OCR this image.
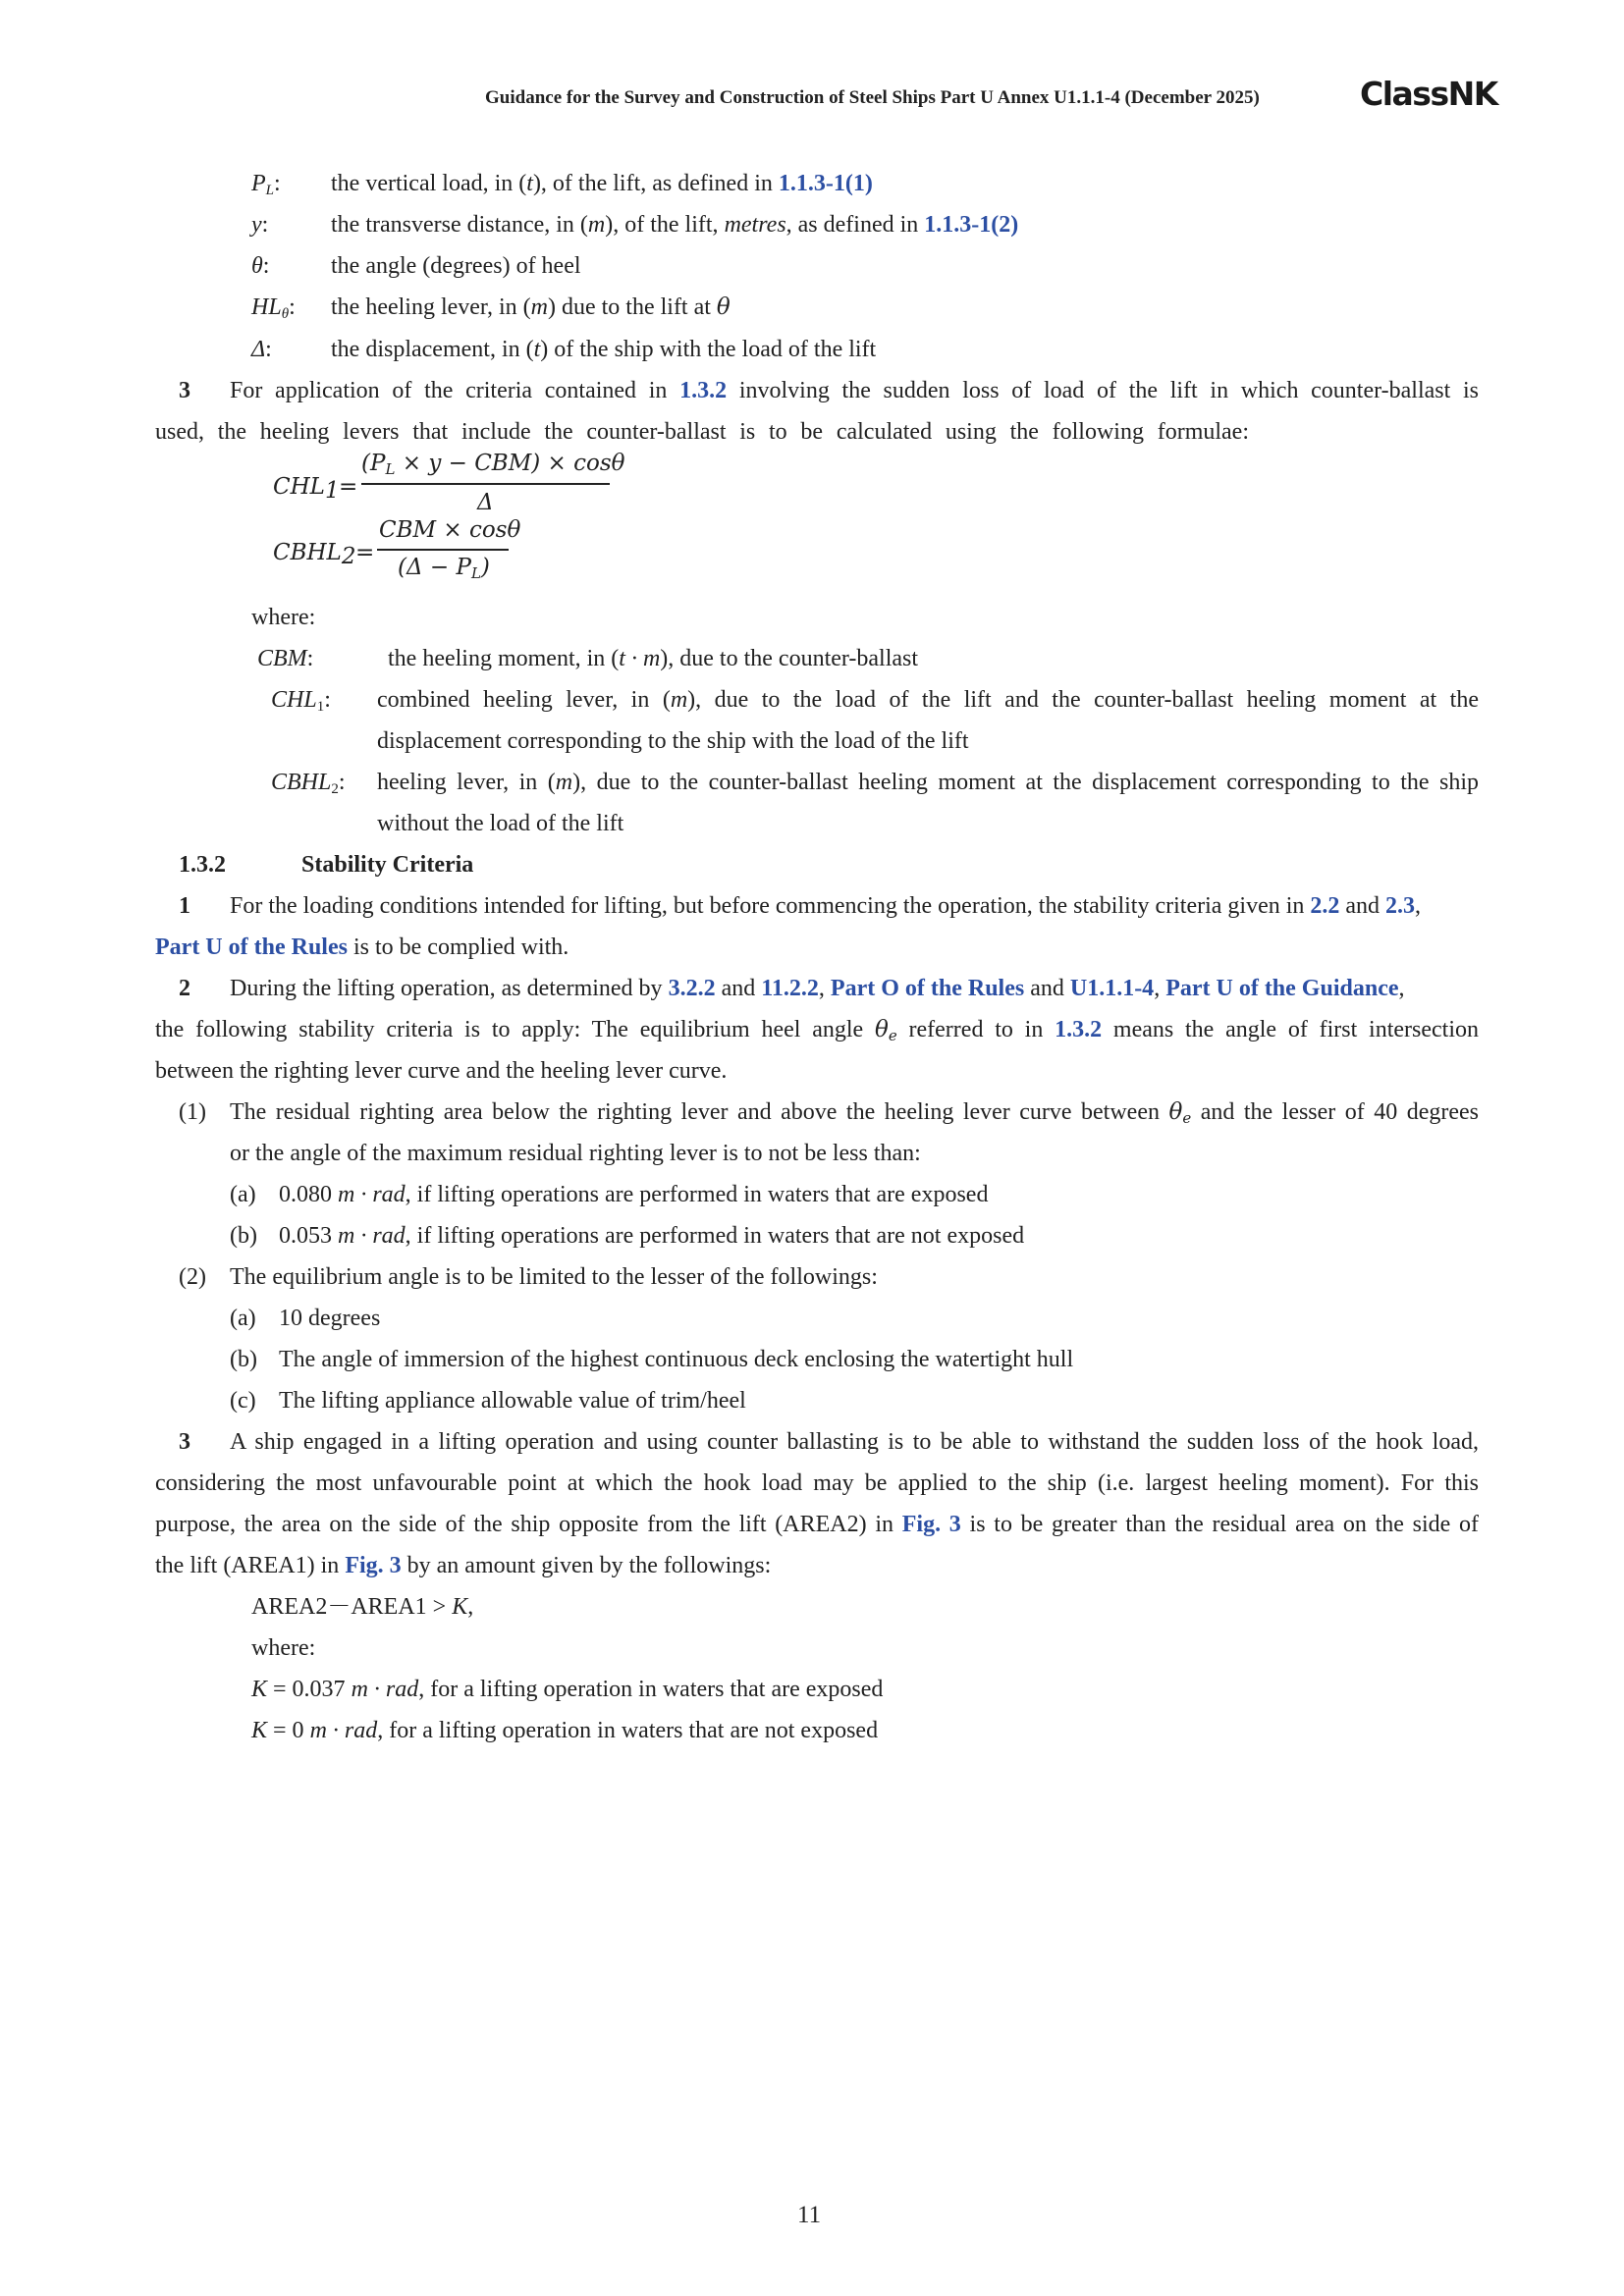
Guidance for the Survey and Construction of Steel Ships Part U Annex U1.1.1-4 (December 2025)	ClassNK
$P_L$: the vertical load, in (t), of the lift, as defined in 1.1.3-1(1)
y:	the transverse distance, in (m), of the lift, metres, as defined in 1.1.3-1(2)
θ:	the angle (degrees) of heel
$HL_\theta$: the heeling lever, in (m) due to the lift at θ
Δ:	the displacement, in (t) of the ship with the load of the lift
3 For application of the criteria contained in 1.3.2 involving the sudden loss of load of the lift in which counter-ballast is
used, the heeling levers that include the counter-ballast is to be calculated using the following formulae:
$CHL_1$ =
$(P_L \times y - CBM) \times \cos\theta$
Δ
$CBHL_2$ =
CBM × cosθ
$(\Delta - P_L)$
where:
CBM:	the heeling moment, in (t · m), due to the counter-ballast
$CHL_1$: combined heeling lever, in (m), due to the load of the lift and the counter-ballast heeling moment at the
displacement corresponding to the ship with the load of the lift
$CBHL_2$: heeling lever, in (m), due to the counter-ballast heeling moment at the displacement corresponding to the ship
without the load of the lift
1.3.2	Stability Criteria
1 For the loading conditions intended for lifting, but before commencing the operation, the stability criteria given in 2.2 and 2.3,
Part U of the Rules is to be complied with.
2 During the lifting operation, as determined by 3.2.2 and 11.2.2, Part O of the Rules and U1.1.1-4, Part U of the Guidance,
the following stability criteria is to apply: The equilibrium heel angle $\theta_e$ referred to in 1.3.2 means the angle of first intersection
between the righting lever curve and the heeling lever curve.
(1) The residual righting area below the righting lever and above the heeling lever curve between $\theta_e$ and the lesser of 40 degrees
or the angle of the maximum residual righting lever is to not be less than:
(a) 0.080 m · rad, if lifting operations are performed in waters that are exposed
(b) 0.053 m · rad, if lifting operations are performed in waters that are not exposed
(2) The equilibrium angle is to be limited to the lesser of the followings:
(a) 10 degrees
(b) The angle of immersion of the highest continuous deck enclosing the watertight hull
(c) The lifting appliance allowable value of trim/heel
3 A ship engaged in a lifting operation and using counter ballasting is to be able to withstand the sudden loss of the hook load,
considering the most unfavourable point at which the hook load may be applied to the ship (i.e. largest heeling moment). For this
purpose, the area on the side of the ship opposite from the lift (AREA2) in Fig. 3 is to be greater than the residual area on the side of
the lift (AREA1) in Fig. 3 by an amount given by the followings:
AREA2－AREA1 > K,
where:
K = 0.037 m · rad, for a lifting operation in waters that are exposed
K = 0 m · rad, for a lifting operation in waters that are not exposed
11
